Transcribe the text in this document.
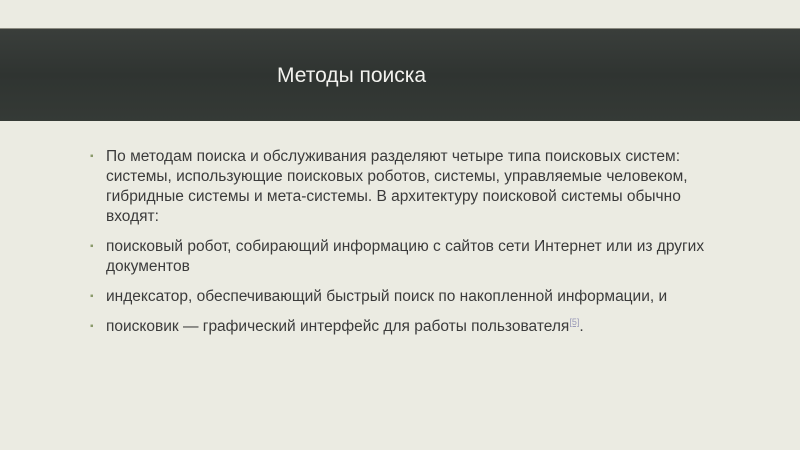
Методы поиска
▪ По методам поиска и обслуживания разделяют четыре типа поисковых систем: системы, использующие поисковых роботов, системы, управляемые человеком, гибридные системы и мета-системы. В архитектуру поисковой системы обычно входят:
▪ поисковый робот, собирающий информацию с сайтов сети Интернет или из других документов
▪ индексатор, обеспечивающий быстрый поиск по накопленной информации, и
▪ поисковик — графический интерфейс для работы пользователя[5].
